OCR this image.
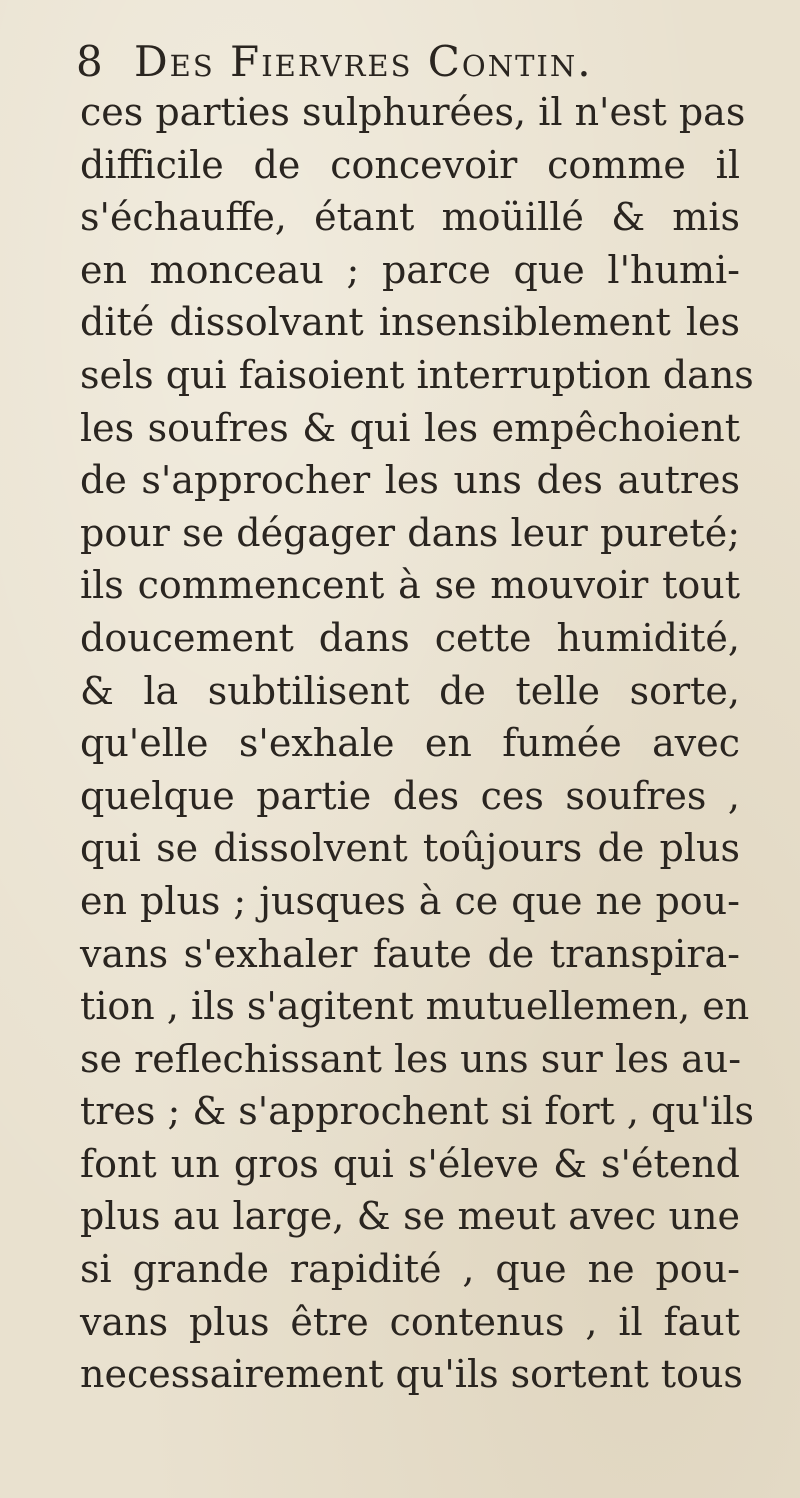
8 Des Fiervres Contin.
ces parties sulphurées, il n'est pas
difficile de concevoir comme il
s'échauffe, étant moüillé & mis
en monceau ; parce que l'humi-
dité dissolvant insensiblement les
sels qui faisoient interruption dans
les soufres & qui les empêchoient
de s'approcher les uns des autres
pour se dégager dans leur pureté;
ils commencent à se mouvoir tout
doucement dans cette humidité,
& la subtilisent de telle sorte,
qu'elle s'exhale en fumée avec
quelque partie des ces soufres ,
qui se dissolvent toûjours de plus
en plus ; jusques à ce que ne pou-
vans s'exhaler faute de transpira-
tion , ils s'agitent mutuellemen, en
se reflechissant les uns sur les au-
tres ; & s'approchent si fort , qu'ils
font un gros qui s'éleve & s'étend
plus au large, & se meut avec une
si grande rapidité , que ne pou-
vans plus être contenus , il faut
necessairement qu'ils sortent tous
